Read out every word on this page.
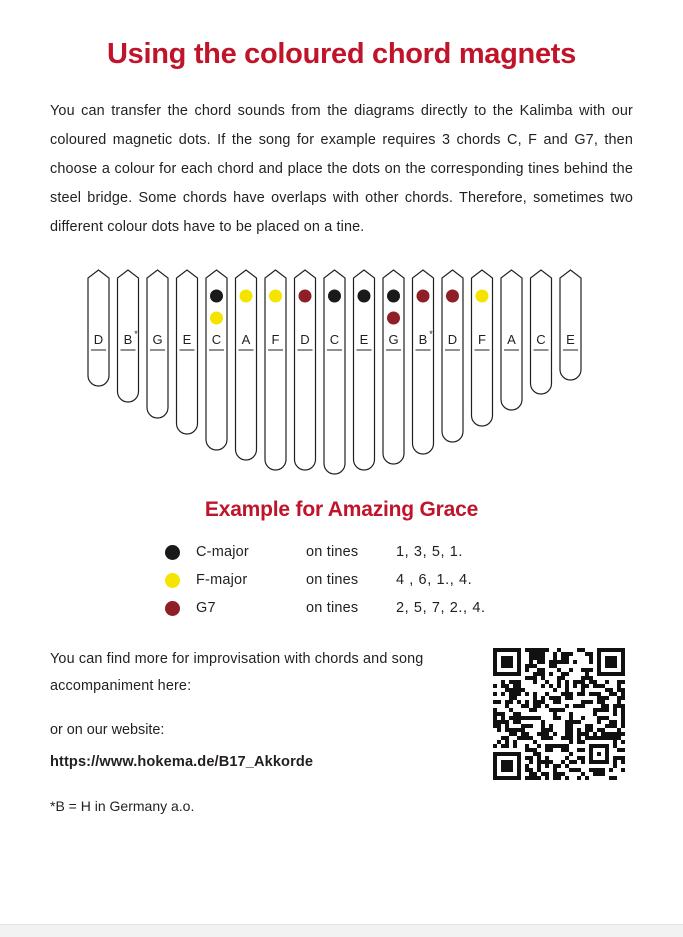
Using the coloured chord magnets

You can transfer the chord sounds from the diagrams directly to the Kalimba with our coloured magnetic dots. If the song for example requires 3 chords C, F and G7, then choose a colour for each chord and place the dots on the corresponding tines behind the steel bridge. Some chords have overlaps with other chords. Therefore, sometimes two different colour dots have to be placed on a tine.

D B * G E C A F D C E G B * D F A C E
Example for Amazing Grace
C-major	on tines	1, 3, 5, 1.
F-major	on tines	4 , 6, 1., 4.
G7	on tines	2, 5, 7, 2., 4.
You can find more for improvisation with chords and song accompaniment here:
or on our website:
https://www.hokema.de/B17_Akkorde
*B = H in Germany a.o.
